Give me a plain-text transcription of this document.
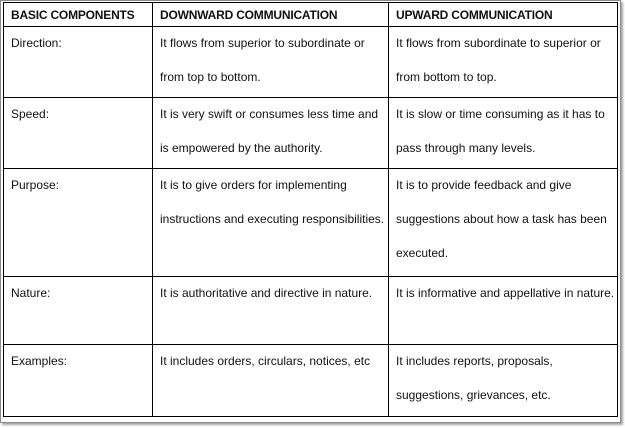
BASIC COMPONENTS	DOWNWARD COMMUNICATION	UPWARD COMMUNICATION

Direction:	It flows from superior to subordinate or from top to bottom.	It flows from subordinate to superior or from bottom to top.

Speed:	It is very swift or consumes less time and is empowered by the authority.	It is slow or time consuming as it has to pass through many levels.

Purpose:	It is to give orders for implementing instructions and executing responsibilities.	It is to provide feedback and give suggestions about how a task has been executed.

Nature:	It is authoritative and directive in nature.	It is informative and appellative in nature.

Examples:	It includes orders, circulars, notices, etc	It includes reports, proposals, suggestions, grievances, etc.
